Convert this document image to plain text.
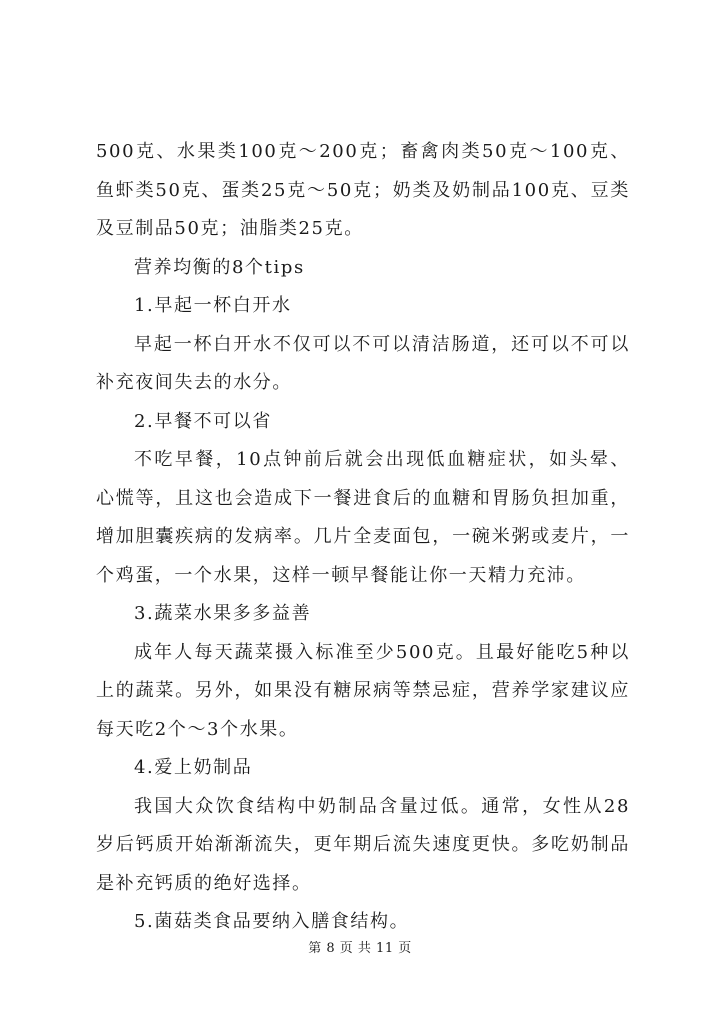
500克、水果类100克～200克；畜禽肉类50克～100克、鱼虾类50克、蛋类25克～50克；奶类及奶制品100克、豆类及豆制品50克；油脂类25克。

营养均衡的8个tips

1.早起一杯白开水

早起一杯白开水不仅可以不可以清洁肠道，还可以不可以补充夜间失去的水分。

2.早餐不可以省

不吃早餐，10点钟前后就会出现低血糖症状，如头晕、心慌等，且这也会造成下一餐进食后的血糖和胃肠负担加重，增加胆囊疾病的发病率。几片全麦面包，一碗米粥或麦片，一个鸡蛋，一个水果，这样一顿早餐能让你一天精力充沛。

3.蔬菜水果多多益善

成年人每天蔬菜摄入标准至少500克。且最好能吃5种以上的蔬菜。另外，如果没有糖尿病等禁忌症，营养学家建议应每天吃2个～3个水果。

4.爱上奶制品

我国大众饮食结构中奶制品含量过低。通常，女性从28岁后钙质开始渐渐流失，更年期后流失速度更快。多吃奶制品是补充钙质的绝好选择。

5.菌菇类食品要纳入膳食结构。

第 8 页 共 11 页
